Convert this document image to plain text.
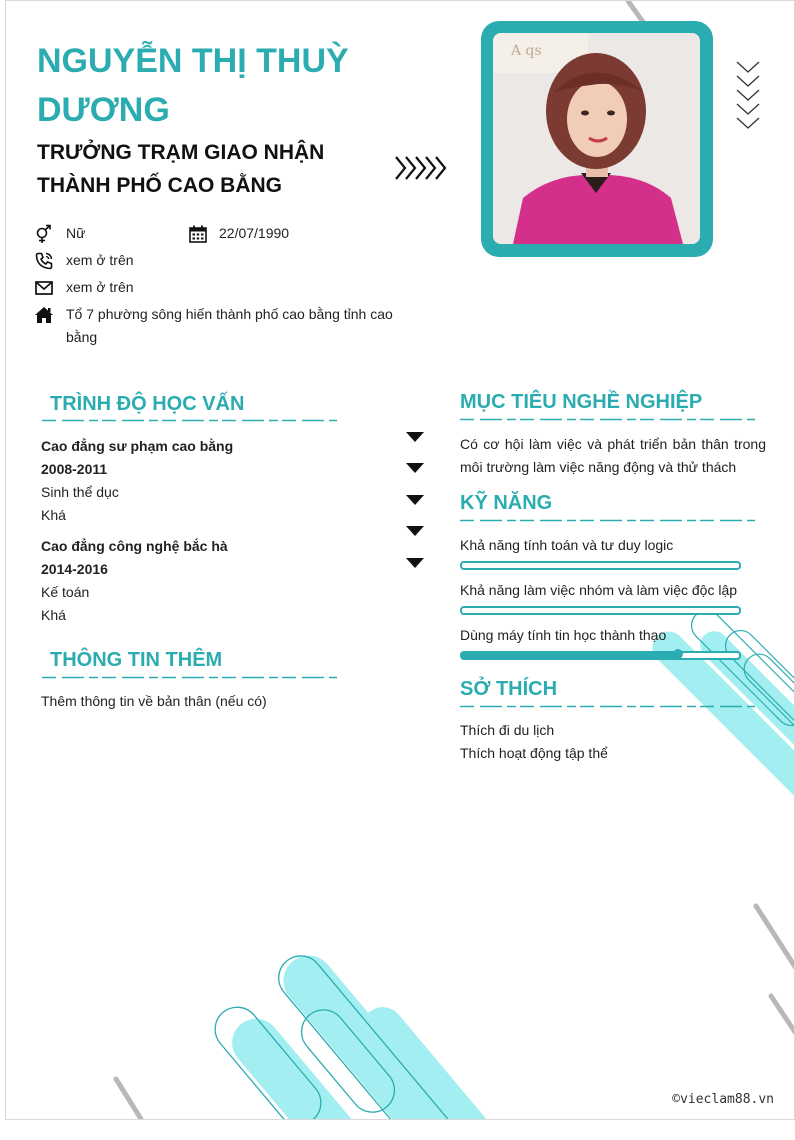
NGUYỄN THỊ THUỲ DƯƠNG
TRƯỞNG TRẠM GIAO NHẬN THÀNH PHỐ CAO BẰNG
A qs
Nữ	22/07/1990
xem ở trên
xem ở trên
Tổ 7 phường sông hiến thành phố cao bằng tỉnh cao bằng
TRÌNH ĐỘ HỌC VẤN
Cao đẳng sư phạm cao bằng
2008-2011
Sinh thể dục
Khá
Cao đẳng công nghệ bắc hà
2014-2016
Kế toán
Khá
THÔNG TIN THÊM
Thêm thông tin về bản thân (nếu có)
MỤC TIÊU NGHỀ NGHIỆP
Có cơ hội làm việc và phát triển bản thân trong môi trường làm việc năng động và thử thách
KỸ NĂNG
Khả năng tính toán và tư duy logic
Khả năng làm việc nhóm và làm việc độc lập
Dùng máy tính tin học thành thạo
SỞ THÍCH
Thích đi du lịch
Thích hoạt động tập thể
©vieclam88.vn
